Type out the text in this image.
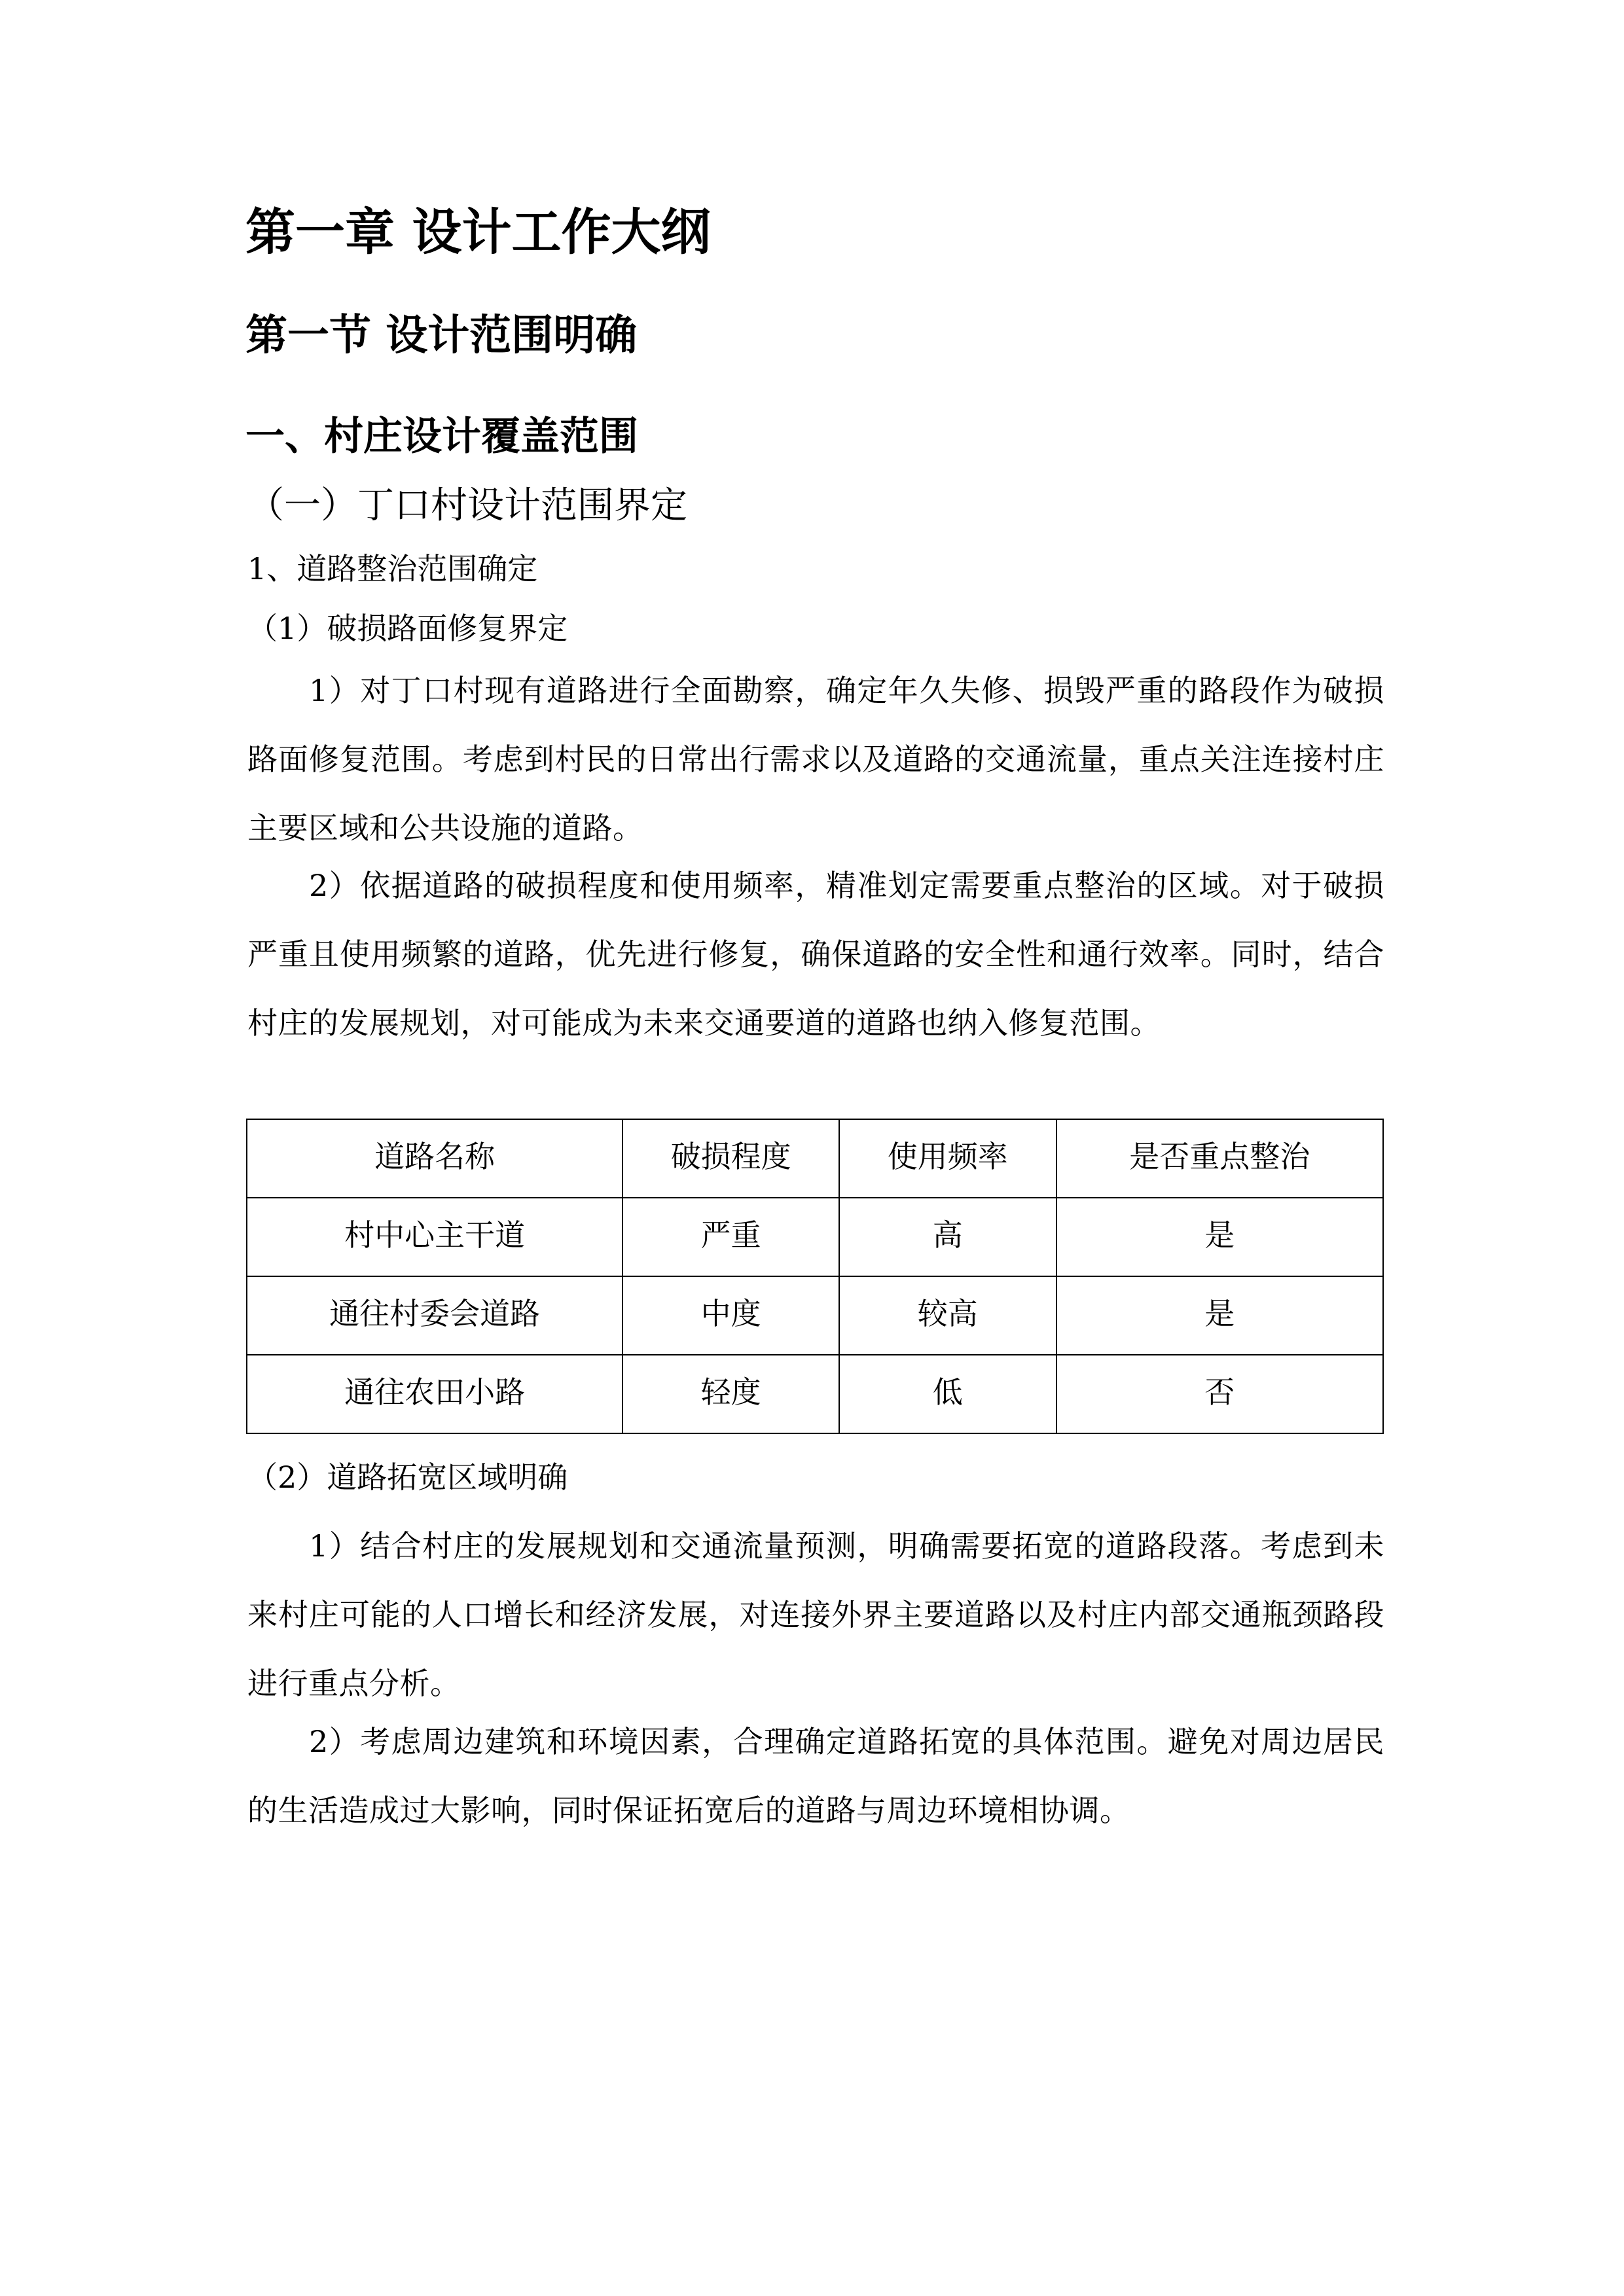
第一章 设计工作大纲
第一节 设计范围明确
一、村庄设计覆盖范围
（一）丁口村设计范围界定
1、道路整治范围确定
（1）破损路面修复界定
1）对丁口村现有道路进行全面勘察，确定年久失修、损毁严重的路段作为破损路面修复范围。考虑到村民的日常出行需求以及道路的交通流量，重点关注连接村庄主要区域和公共设施的道路。
2）依据道路的破损程度和使用频率，精准划定需要重点整治的区域。对于破损严重且使用频繁的道路，优先进行修复，确保道路的安全性和通行效率。同时，结合村庄的发展规划，对可能成为未来交通要道的道路也纳入修复范围。
道路名称	破损程度	使用频率	是否重点整治
村中心主干道	严重	高	是
通往村委会道路	中度	较高	是
通往农田小路	轻度	低	否
（2）道路拓宽区域明确
1）结合村庄的发展规划和交通流量预测，明确需要拓宽的道路段落。考虑到未来村庄可能的人口增长和经济发展，对连接外界主要道路以及村庄内部交通瓶颈路段进行重点分析。
2）考虑周边建筑和环境因素，合理确定道路拓宽的具体范围。避免对周边居民的生活造成过大影响，同时保证拓宽后的道路与周边环境相协调。
